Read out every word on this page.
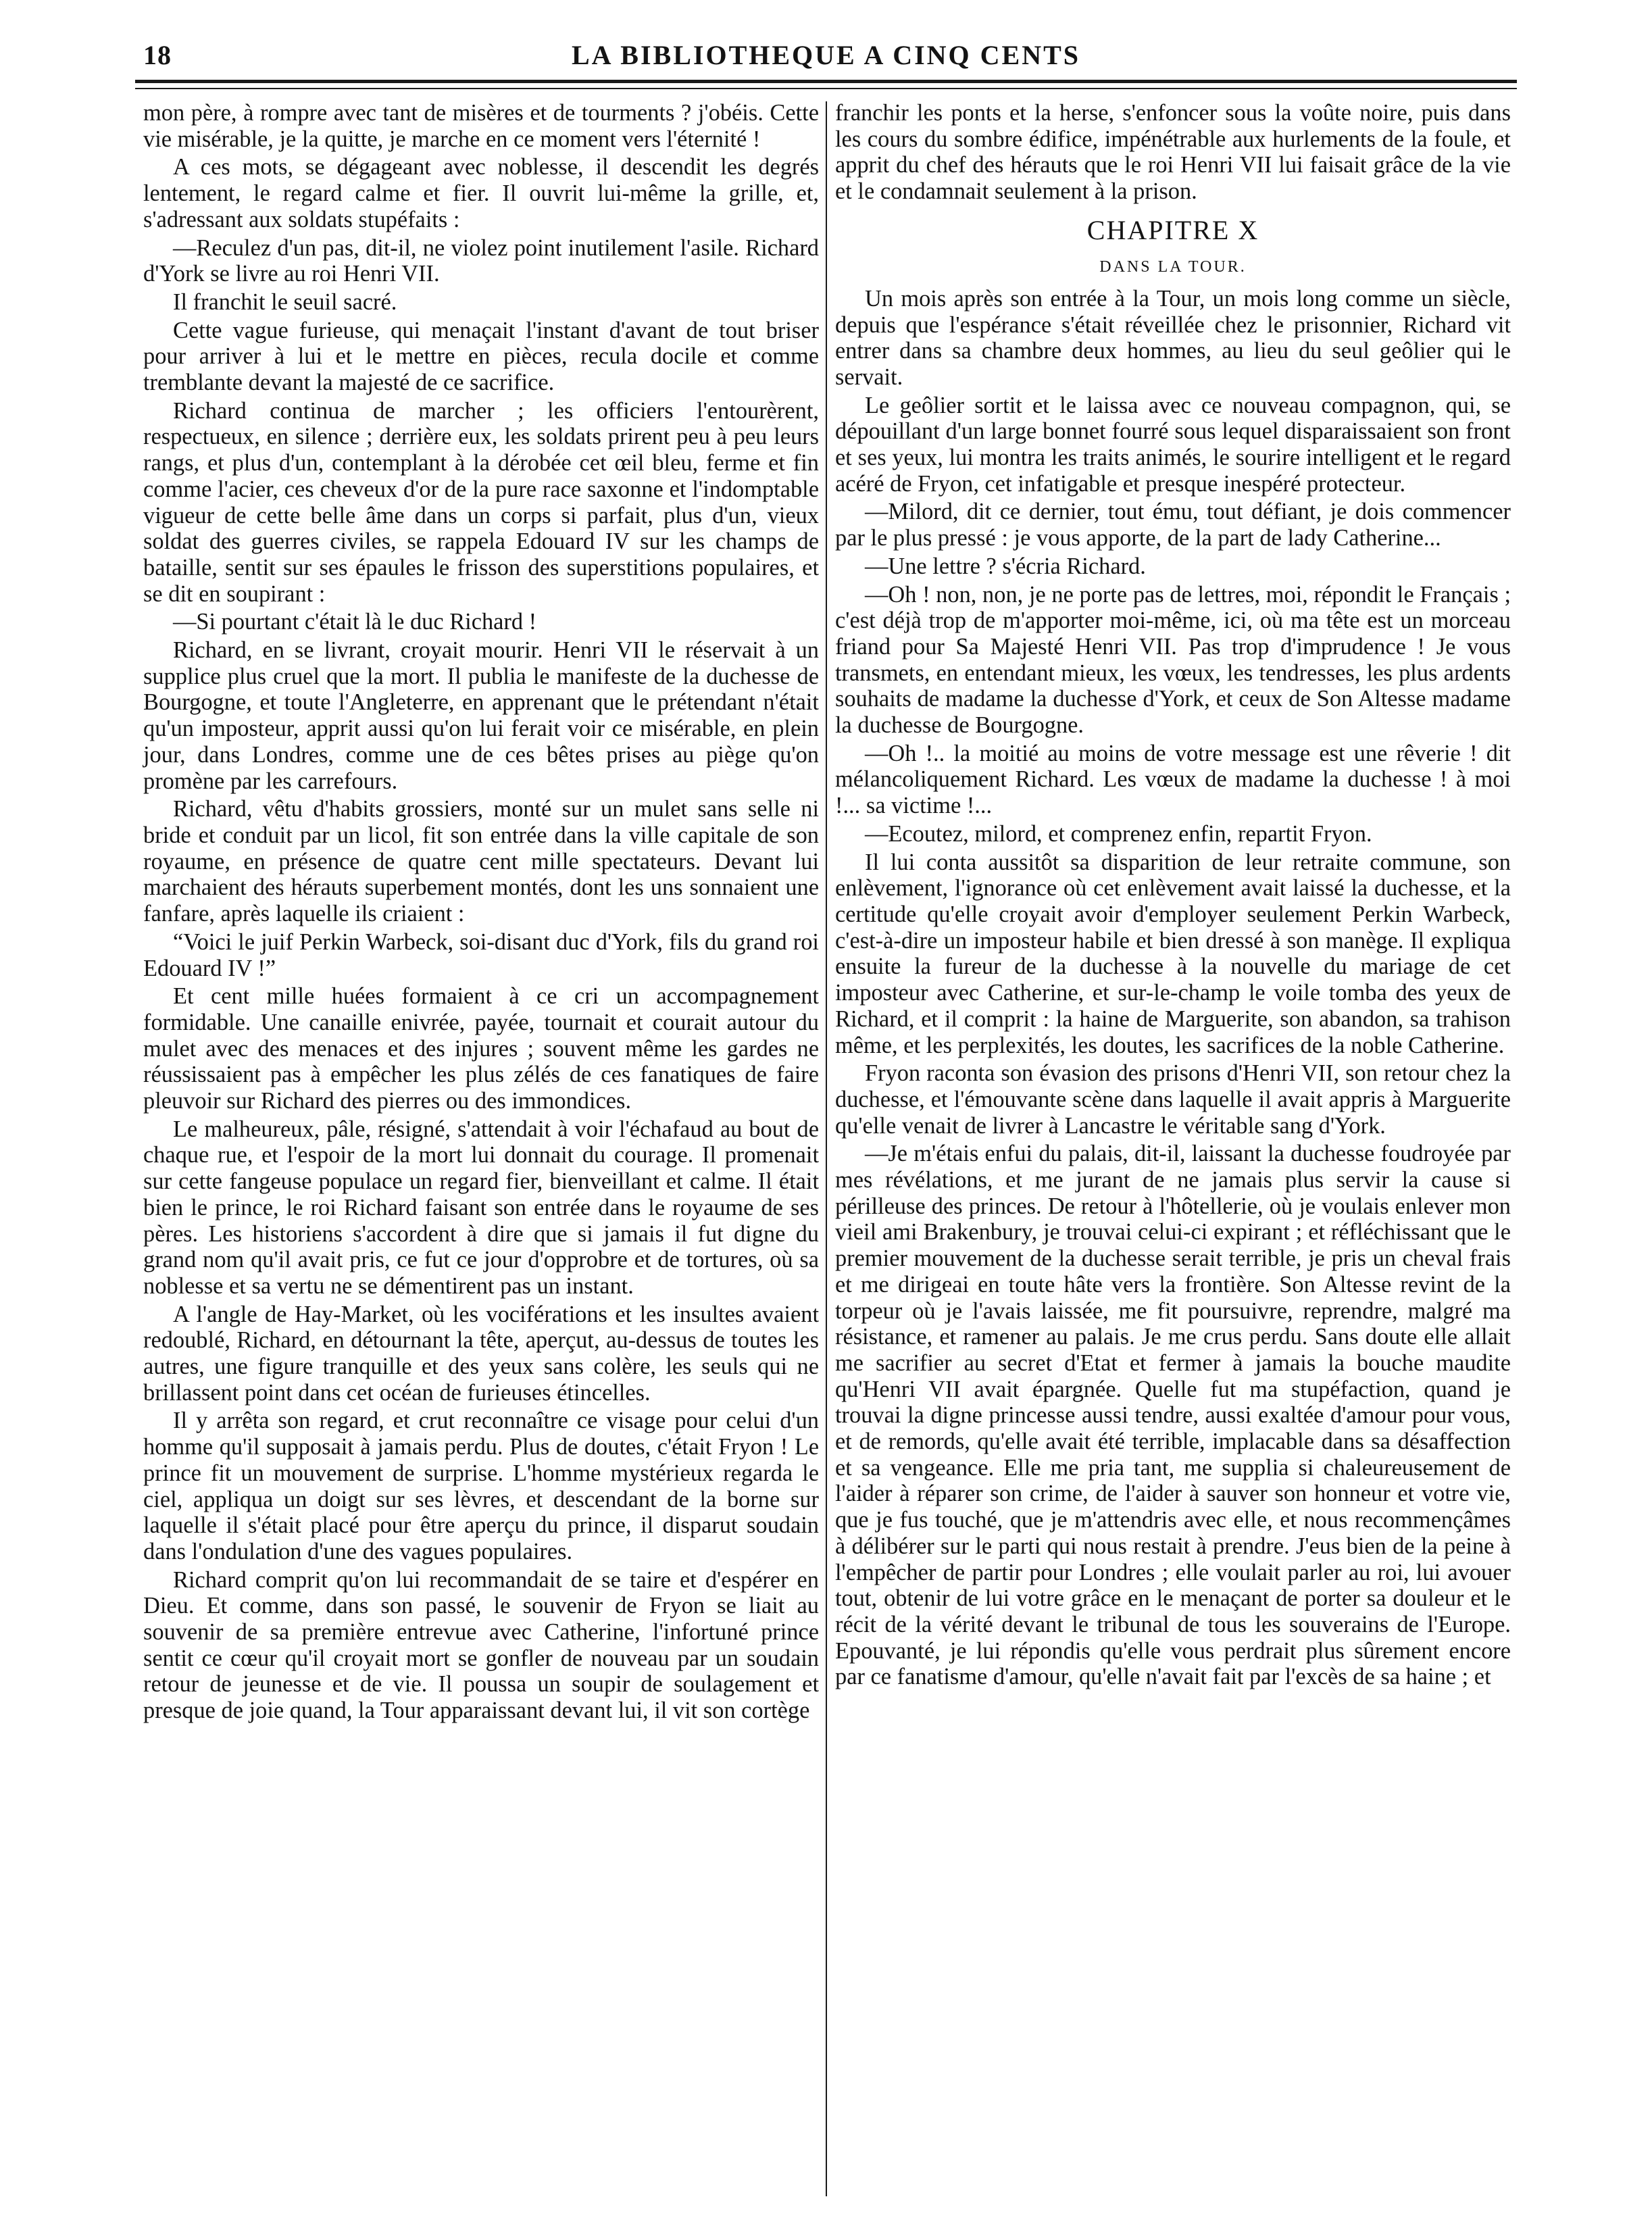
18	LA BIBLIOTHEQUE A CINQ CENTS

mon père, à rompre avec tant de misères et de tourments ? j'obéis. Cette vie misérable, je la quitte, je marche en ce moment vers l'éternité !

A ces mots, se dégageant avec noblesse, il descendit les degrés lentement, le regard calme et fier. Il ouvrit lui-même la grille, et, s'adressant aux soldats stupéfaits :

—Reculez d'un pas, dit-il, ne violez point inutilement l'asile. Richard d'York se livre au roi Henri VII.

Il franchit le seuil sacré.

Cette vague furieuse, qui menaçait l'instant d'avant de tout briser pour arriver à lui et le mettre en pièces, recula docile et comme tremblante devant la majesté de ce sacrifice.

Richard continua de marcher ; les officiers l'entourèrent, respectueux, en silence ; derrière eux, les soldats prirent peu à peu leurs rangs, et plus d'un, contemplant à la dérobée cet œil bleu, ferme et fin comme l'acier, ces cheveux d'or de la pure race saxonne et l'indomptable vigueur de cette belle âme dans un corps si parfait, plus d'un, vieux soldat des guerres civiles, se rappela Edouard IV sur les champs de bataille, sentit sur ses épaules le frisson des superstitions populaires, et se dit en soupirant :

—Si pourtant c'était là le duc Richard !

Richard, en se livrant, croyait mourir. Henri VII le réservait à un supplice plus cruel que la mort. Il publia le manifeste de la duchesse de Bourgogne, et toute l'Angleterre, en apprenant que le prétendant n'était qu'un imposteur, apprit aussi qu'on lui ferait voir ce misérable, en plein jour, dans Londres, comme une de ces bêtes prises au piège qu'on promène par les carrefours.

Richard, vêtu d'habits grossiers, monté sur un mulet sans selle ni bride et conduit par un licol, fit son entrée dans la ville capitale de son royaume, en présence de quatre cent mille spectateurs. Devant lui marchaient des hérauts superbement montés, dont les uns sonnaient une fanfare, après laquelle ils criaient :

“Voici le juif Perkin Warbeck, soi-disant duc d'York, fils du grand roi Edouard IV !”

Et cent mille huées formaient à ce cri un accompagnement formidable. Une canaille enivrée, payée, tournait et courait autour du mulet avec des menaces et des injures ; souvent même les gardes ne réussissaient pas à empêcher les plus zélés de ces fanatiques de faire pleuvoir sur Richard des pierres ou des immondices.

Le malheureux, pâle, résigné, s'attendait à voir l'échafaud au bout de chaque rue, et l'espoir de la mort lui donnait du courage. Il promenait sur cette fangeuse populace un regard fier, bienveillant et calme. Il était bien le prince, le roi Richard faisant son entrée dans le royaume de ses pères. Les historiens s'accordent à dire que si jamais il fut digne du grand nom qu'il avait pris, ce fut ce jour d'opprobre et de tortures, où sa noblesse et sa vertu ne se démentirent pas un instant.

A l'angle de Hay-Market, où les vociférations et les insultes avaient redoublé, Richard, en détournant la tête, aperçut, au-dessus de toutes les autres, une figure tranquille et des yeux sans colère, les seuls qui ne brillassent point dans cet océan de furieuses étincelles.

Il y arrêta son regard, et crut reconnaître ce visage pour celui d'un homme qu'il supposait à jamais perdu. Plus de doutes, c'était Fryon ! Le prince fit un mouvement de surprise. L'homme mystérieux regarda le ciel, appliqua un doigt sur ses lèvres, et descendant de la borne sur laquelle il s'était placé pour être aperçu du prince, il disparut soudain dans l'ondulation d'une des vagues populaires.

Richard comprit qu'on lui recommandait de se taire et d'espérer en Dieu. Et comme, dans son passé, le souvenir de Fryon se liait au souvenir de sa première entrevue avec Catherine, l'infortuné prince sentit ce cœur qu'il croyait mort se gonfler de nouveau par un soudain retour de jeunesse et de vie. Il poussa un soupir de soulagement et presque de joie quand, la Tour apparaissant devant lui, il vit son cortège

franchir les ponts et la herse, s'enfoncer sous la voûte noire, puis dans les cours du sombre édifice, impénétrable aux hurlements de la foule, et apprit du chef des hérauts que le roi Henri VII lui faisait grâce de la vie et le condamnait seulement à la prison.

CHAPITRE X
DANS LA TOUR.

Un mois après son entrée à la Tour, un mois long comme un siècle, depuis que l'espérance s'était réveillée chez le prisonnier, Richard vit entrer dans sa chambre deux hommes, au lieu du seul geôlier qui le servait.

Le geôlier sortit et le laissa avec ce nouveau compagnon, qui, se dépouillant d'un large bonnet fourré sous lequel disparaissaient son front et ses yeux, lui montra les traits animés, le sourire intelligent et le regard acéré de Fryon, cet infatigable et presque inespéré protecteur.

—Milord, dit ce dernier, tout ému, tout défiant, je dois commencer par le plus pressé : je vous apporte, de la part de lady Catherine...

—Une lettre ? s'écria Richard.

—Oh ! non, non, je ne porte pas de lettres, moi, répondit le Français ; c'est déjà trop de m'apporter moi-même, ici, où ma tête est un morceau friand pour Sa Majesté Henri VII. Pas trop d'imprudence ! Je vous transmets, en entendant mieux, les vœux, les tendresses, les plus ardents souhaits de madame la duchesse d'York, et ceux de Son Altesse madame la duchesse de Bourgogne.

—Oh !.. la moitié au moins de votre message est une rêverie ! dit mélancoliquement Richard. Les vœux de madame la duchesse ! à moi !... sa victime !...

—Ecoutez, milord, et comprenez enfin, repartit Fryon.

Il lui conta aussitôt sa disparition de leur retraite commune, son enlèvement, l'ignorance où cet enlèvement avait laissé la duchesse, et la certitude qu'elle croyait avoir d'employer seulement Perkin Warbeck, c'est-à-dire un imposteur habile et bien dressé à son manège. Il expliqua ensuite la fureur de la duchesse à la nouvelle du mariage de cet imposteur avec Catherine, et sur-le-champ le voile tomba des yeux de Richard, et il comprit : la haine de Marguerite, son abandon, sa trahison même, et les perplexités, les doutes, les sacrifices de la noble Catherine.

Fryon raconta son évasion des prisons d'Henri VII, son retour chez la duchesse, et l'émouvante scène dans laquelle il avait appris à Marguerite qu'elle venait de livrer à Lancastre le véritable sang d'York.

—Je m'étais enfui du palais, dit-il, laissant la duchesse foudroyée par mes révélations, et me jurant de ne jamais plus servir la cause si périlleuse des princes. De retour à l'hôtellerie, où je voulais enlever mon vieil ami Brakenbury, je trouvai celui-ci expirant ; et réfléchissant que le premier mouvement de la duchesse serait terrible, je pris un cheval frais et me dirigeai en toute hâte vers la frontière. Son Altesse revint de la torpeur où je l'avais laissée, me fit poursuivre, reprendre, malgré ma résistance, et ramener au palais. Je me crus perdu. Sans doute elle allait me sacrifier au secret d'Etat et fermer à jamais la bouche maudite qu'Henri VII avait épargnée. Quelle fut ma stupéfaction, quand je trouvai la digne princesse aussi tendre, aussi exaltée d'amour pour vous, et de remords, qu'elle avait été terrible, implacable dans sa désaffection et sa vengeance. Elle me pria tant, me supplia si chaleureusement de l'aider à réparer son crime, de l'aider à sauver son honneur et votre vie, que je fus touché, que je m'attendris avec elle, et nous recommençâmes à délibérer sur le parti qui nous restait à prendre. J'eus bien de la peine à l'empêcher de partir pour Londres ; elle voulait parler au roi, lui avouer tout, obtenir de lui votre grâce en le menaçant de porter sa douleur et le récit de la vérité devant le tribunal de tous les souverains de l'Europe. Epouvanté, je lui répondis qu'elle vous perdrait plus sûrement encore par ce fanatisme d'amour, qu'elle n'avait fait par l'excès de sa haine ; et
